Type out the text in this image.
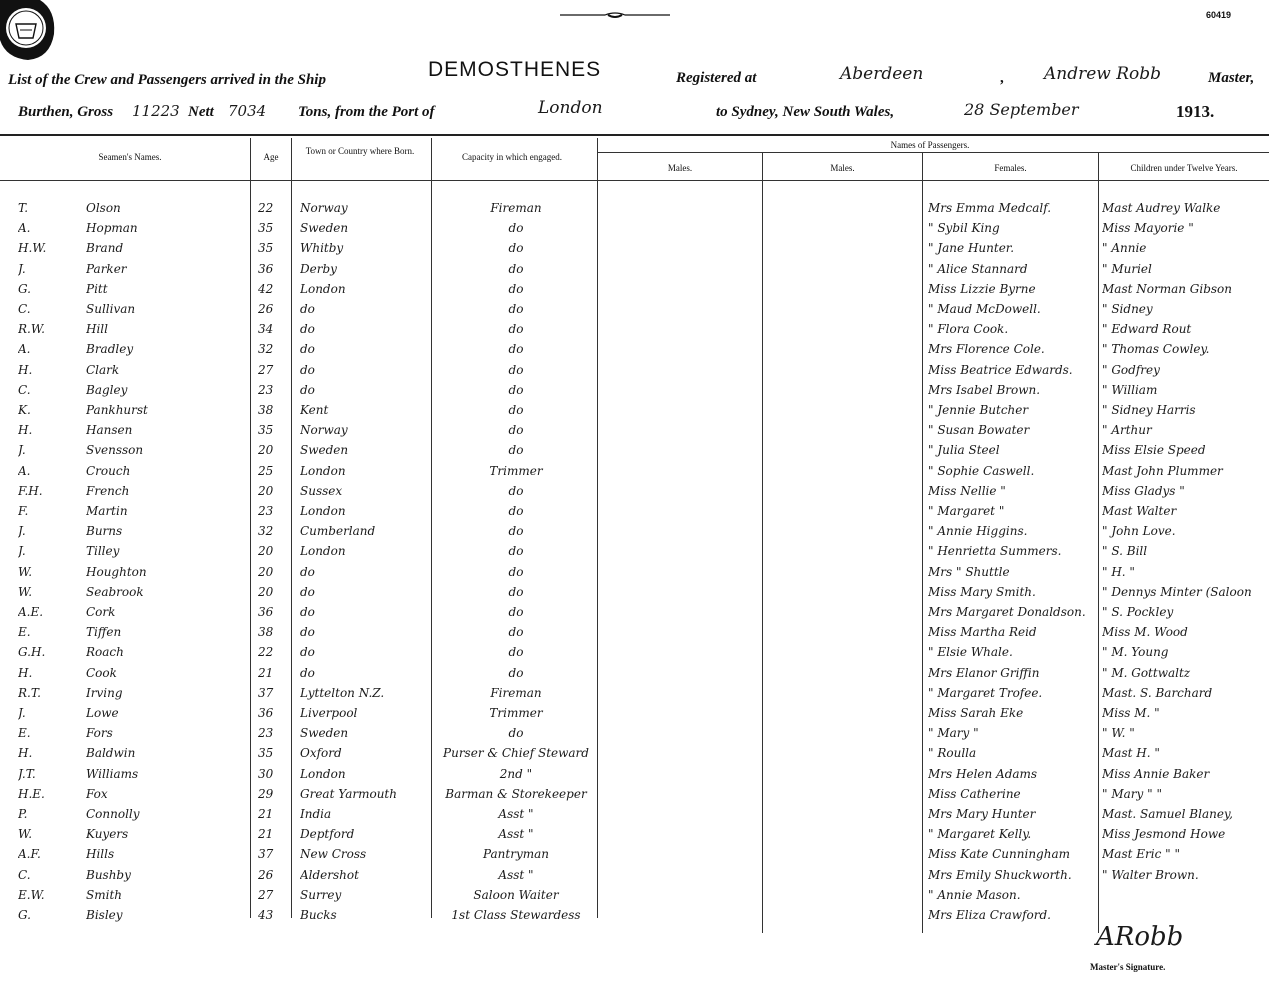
60419
List of the Crew and Passengers arrived in the Ship	DEMOSTHENES	Registered at	Aberdeen	, Andrew Robb	Master,
Burthen, Gross 11223 Nett 7034 Tons, from the Port of	London	to Sydney, New South Wales,	28 September	1913.
Seamen's Names.	Age
Town or Country where Born.
Capacity in which engaged.
Names of Passengers.
Males.	Males.	Females.	Children under Twelve Years.
T.	Olson	22	Norway	Fireman	Mrs Emma Medcalf.	Mast Audrey Walke
A.	Hopman	35	Sweden	do	" Sybil King	Miss Mayorie "
H.W.	Brand	35	Whitby	do	" Jane Hunter.	" Annie
J.	Parker	36	Derby	do	" Alice Stannard	" Muriel
G.	Pitt	42	London	do	Miss Lizzie Byrne	Mast Norman Gibson
C.	Sullivan	26	do	do	" Maud McDowell.	" Sidney
R.W.	Hill	34	do	do	" Flora Cook.	" Edward Rout
A.	Bradley	32	do	do	Mrs Florence Cole.	" Thomas Cowley.
H.	Clark	27	do	do	Miss Beatrice Edwards.	" Godfrey
C.	Bagley	23	do	do	Mrs Isabel Brown.	" William
K.	Pankhurst	38	Kent	do	" Jennie Butcher	" Sidney Harris
H.	Hansen	35	Norway	do	" Susan Bowater	" Arthur
J.	Svensson	20	Sweden	do	" Julia Steel	Miss Elsie Speed
A.	Crouch	25	London	Trimmer	" Sophie Caswell.	Mast John Plummer
F.H.	French	20	Sussex	do	Miss Nellie "	Miss Gladys "
F.	Martin	23	London	do	" Margaret "	Mast Walter
J.	Burns	32	Cumberland	do	" Annie Higgins.	" John Love.
J.	Tilley	20	London	do	" Henrietta Summers.	" S. Bill
W.	Houghton	20	do	do	Mrs " Shuttle	" H. "
W.	Seabrook	20	do	do	Miss Mary Smith.	" Dennys Minter (Saloon
A.E.	Cork	36	do	do	Mrs Margaret Donaldson.	" S. Pockley
E.	Tiffen	38	do	do	Miss Martha Reid	Miss M. Wood
G.H.	Roach	22	do	do	" Elsie Whale.	" M. Young
H.	Cook	21	do	do	Mrs Elanor Griffin	" M. Gottwaltz
R.T.	Irving	37	Lyttelton N.Z.	Fireman	" Margaret Trofee.	Mast. S. Barchard
J.	Lowe	36	Liverpool	Trimmer	Miss Sarah Eke	Miss M. "
E.	Fors	23	Sweden	do	" Mary "	" W. "
H.	Baldwin	35	Oxford	Purser & Chief Steward	" Roulla	Mast H. "
J.T.	Williams	30	London	2nd "	Mrs Helen Adams	Miss Annie Baker
H.E.	Fox	29	Great Yarmouth	Barman & Storekeeper	Miss Catherine	" Mary " "
P.	Connolly	21	India	Asst "	Mrs Mary Hunter	Mast. Samuel Blaney,
W.	Kuyers	21	Deptford	Asst "	" Margaret Kelly.	Miss Jesmond Howe
A.F.	Hills	37	New Cross	Pantryman	Miss Kate Cunningham	Mast Eric " "
C.	Bushby	26	Aldershot	Asst "	Mrs Emily Shuckworth.	" Walter Brown.
E.W.	Smith	27	Surrey	Saloon Waiter	" Annie Mason.
G.	Bisley	43	Bucks	1st Class Stewardess	Mrs Eliza Crawford.
ARobb
Master's Signature.
